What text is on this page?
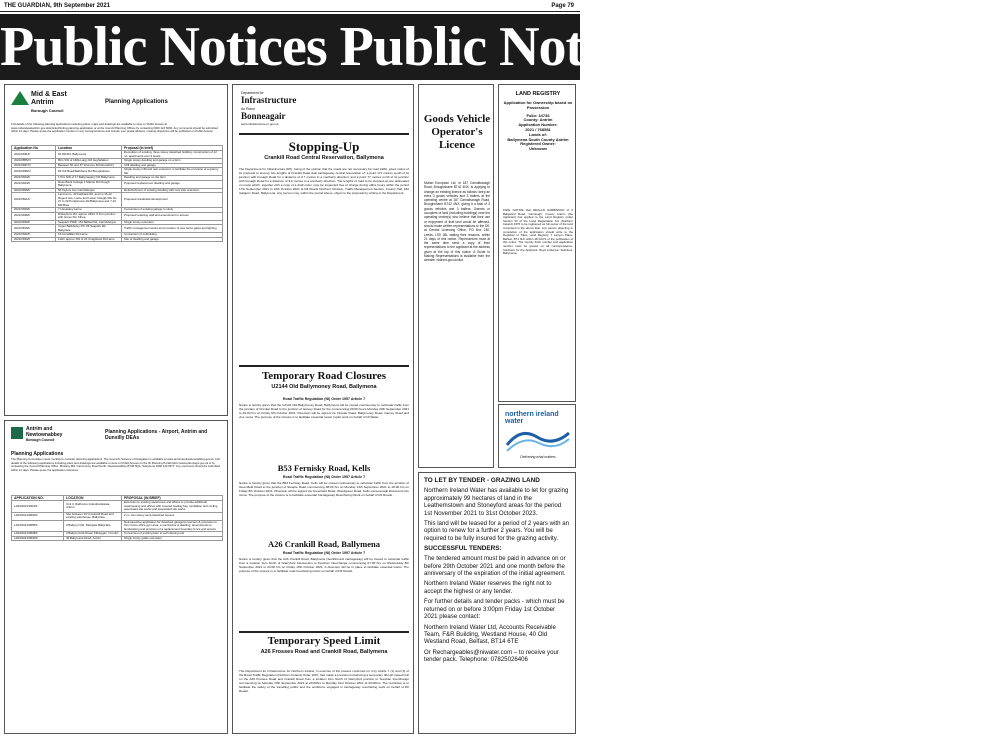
THE GUARDIAN, 9th September 2021	Page 79
Public Notices Public Notices Public Notices
Mid & East
Antrim
Borough Council
Planning Applications
Full details of the following planning applications including plans, maps and drawings are available to view on Public Access at www.midandeastantrim.gov.uk/articles/finding-planning-application or at the Council Planning Offices by contacting 0300 124 5000. Any comments should be submitted within 14 days. Please quote the application number in any correspondence and include your postal address, missing objections will be published on Public Access.
Application No	Location	Proposal (in brief)
2021/0931/F	92 Mill Rd, Ballymena	Demolition of existing, three storey detached building. Construction of 12 no. apartments over 3 levels.
2021/0855/O	80m SW of 148a Largy Rd Aughafatten	Single storey dwelling and garage on a farm
2021/0927/O	Between 50 and 57 Drumore Rd Glenwhirry	Infill dwelling and garage
2021/0939/O	84 Toll Road/Rathbane Rd Broughshane	Single storey infill and rear extension to facilitate the provision of a granny flat
2021/0923/F	170m NW of 17 Ballymagarry Rd Ballymena	Dwelling and garage on the farm
2021/0924/F	Rose Bank Cottage 1 Marine Rd Clough Ballymena	Proposed replacement dwelling and garage
2021/0925/F	56 Taylors Ave Carrickfergus	Refurbishment of existing dwelling with new side extension
2021/0821/F	Land at no. 43 Fairbank Rd, and no 16-22 Regent Ave, Larne and Lower Cloughmills No 27 to 29 Portglenone Rd Ballymena and 7-10 Mill Brae	Proposed residential development
2021/0926/F	7 Lisnaskey Larne	Conversion of existing garage to study
2021/0936/F	Dickeybum Rd, approx 249m S from junction with Grove Rd, Kilrea	Proposed retaining wall and amendment to access
2021/0930/F	Seapark PS98, 151 Belfast Rd, Carrickfergus	Single storey extension
2021/0815/F	Upper Ballyboley PS, 96 Seapark Rd, Ballyclare	Traffic management works and provision of new fence gates and lighting
2021/0922/F	16 Lisnafillan Rd Larne	Conversion of outbuilding
2021/0933/F	110m approx SW of 24 Craigsland Rd Larne	Site of dwelling and garage
Antrim and
Newtownabbey
Borough Council
Planning Applications - Airport, Antrim and Dunsilly DEAs
Planning Applications
The Planning Committee meets monthly to consider planning applications. The Council's Scheme of Delegation is available at www.antrimandnewtownabbey.gov.uk. Full details of the following applications including plans and drawings are available to view on Public Access on the NI Planning Portal https://www.planningni.gov.uk or by contacting the Council Planning Office, Mossley Mill, Carnmoney Road North, Newtownabbey BT36 5QA. Telephone 0300 123 6677. Any comments should be submitted within 14 days. Please quote the application reference.
APPLICATION NO.	LOCATION	PROPOSAL (IN BRIEF)
LA03/2021/0924/F	Unit 3, Rathmore Industrial Estate, Antrim	Extension to existing warehouse and offices to provide additional warehousing and offices with covered loading bay, ventilation and roofing associated site works and associated site works
LA03/2021/0830/F	Site between 10 Crosstmill Road and existing warehouse, Ballyclare	2 no. two storey semi-detached houses
LA03/2021/0855/F	3 Ballycorr Rd, Parkgate Ballyclare	Retrospective application for detached garage/conversion & extension to form home office gym area, a mezzanine & dwelling, amendments to landscaping and provision of a replacement boundary fence and access
LA03/2021/0838/F	4 Ballycormick Road, Kilbeggan, Crumlin	Conversion of existing barn to self catering unit
LA03/2021/0840/F	40 Ballymena Road, Antrim	Single storey gable extension
Department for
Infrastructure
An Roinn
Bonneagair
www.infrastructure-ni.gov.uk
Stopping-Up
Crankill Road Central Reservation, Ballymena
The Department for Infrastructure (DfI), being of the opinion that the roads are not necessary for road traffic, gives notice of its proposal to stop-up two lengths of Crankill Road dual carriageway central reservation of: a point 171 metres south of its junction with Fenagh Road for a distance of 9.7 metres in a southerly direction; and a point 77 metres north of its junction with Fenagh Road for a distance of 9.6 metres in a southerly direction. The lengths of road to be stopped-up are delineated on maps which, together with a copy of a draft order, may be inspected free of charge during office hours within the period 17th September 2021 to 15th October 2021 at DfI Roads Northern Division, Traffic Management Section, County Hall, 182 Galgorm Road, Ballymena. Any person may, within the period above, object to the proposal by writing to the Department.
Temporary Road Closures
U2144 Old Ballymoney Road, Ballymena
Road Traffic Regulation (NI) Order 1997 Article 7
Notice is hereby given that the U2144 Old Ballymoney Road, Ballymena will be closed continuously to vehicular traffic from the junction of Circular Road to the junction of Garvey Road for the commencing 09:00 hours Monday 20th September 2021 to 16:00 hrs on Friday 8th October 2021. Diversion will be signed via Circular Road, Ballymoney Road, Garvey Road and vice versa. The purpose of the closure is to facilitate essential sewer repair work on behalf of NI Water.
B53 Fernisky Road, Kells
Road Traffic Regulation (NI) Order 1997 Article 7
Notice is hereby given that the B53 Fernisky Road, Kells will be closed continuously to vehicular traffic from the junction of Greenfield Road to the junction of Steeple Road commencing 08:00 hrs on Monday 13th September 2021 to 18:00 hrs on Friday 8th October 2021. Diversion will be signed via Greenfield Road, Woodgreen Road, Kells Lisnevenagh Road and vice versa. The purpose of the closure is to facilitate essential Carriageway Resurfacing Work on behalf of DfI Roads.
A26 Crankill Road, Ballymena
Road Traffic Regulation (NI) Order 1997 Article 7
Notice is hereby given that the A26 Crankill Road, Ballymena (Southbound carriageway) will be closed to vehicular traffic from a location 1km North of Glarryford Intersection to Teeshan Interchange commencing 07:00 hrs on Wednesday 8th September 2021 to 20:00 hrs on Friday 15th October 2021. A diversion will be in place to facilitate essential works. The purpose of the closure is to facilitate road resurfacing works on behalf of DfI Roads.
Temporary Speed Limit
A26 Frosses Road and Crankill Road, Ballymena
The Department for Infrastructure for Northern Ireland, in exercise of the powers conferred on it by Article 7 (1) and (3) of the Road Traffic Regulation (Northern Ireland) Order 1997, has made a provision introducing a temporary 40mph speed limit on the A26 Frosses Road and Crankill Road from a location 1km North of Glarryford junction to Teeshan Interchange commencing on Monday 13th September 2021 at 20:00hrs to Monday 31st October 2021 at 20:00hrs. The restriction is to facilitate the safety of the travelling public and the workforce engaged in carriageway resurfacing work on behalf of DfI Roads.
Goods Vehicle Operator's Licence
Mullan European Ltd, of 187 Carnalbanagh Road, Broughshane BT42 4NX, is applying to change an existing licence as follows: keep an extra 0 goods vehicles and 3 trailers at the operating centre at 187 Carnalbanagh Road, Broughshane BT42 4NX, giving it a total of 3 goods vehicles and 3 trailers. Owners or occupiers of land (including buildings) near the operating centre(s) who believe that their use or enjoyment of that land would be affected, should make written representations to the DfI, at Central Licensing Office, PO Box 180, Leeds, LS9 1BL stating their reasons, within 21 days of this notice. Representors must at the same time send a copy of their representations to the applicant at the address given at the top of this notice. A Guide to Making Representations is available from the website: nidirect.gov.uk/dva
LAND REGISTRY
Application for Ownership based on Possession
Folio: 34736
County: Antrim
Application Number:
2021 / 768581
Lands of:
Ballymena South County Antrim
Registered Owner:
Unknown
TAKE NOTICE that DECLAN HARBINSON of 6 Ballyward Road, Carnlough, County Antrim (the Applicant) has applied to the Land Registry under Section 53 of the Land Registration Act (Northern Ireland) 1970 to be registered as full owner of the land comprised in the above folio. Any person objecting to completion of the application should write to the Registrar of Titles, Land Registry, 7 Lanyon Place, Belfast, BT1 3LP within 28 DAYS of the publication of this notice. The County Folio number and application number must be quoted on all correspondence. Solicitors for the Applicant: Boyd Anderson Solicitors, Ballymena.
northern ireland water
Delivering what matters
TO LET BY TENDER - GRAZING LAND

Northern Ireland Water has available to let for grazing approximately 99 hectares of land in the Leathemstown and Stoneyford areas for the period 1st November 2021 to 31st October 2023.

This land will be leased for a period of 2 years with an option to renew for a further 2 years. You will be required to be fully insured for the grazing activity.

SUCCESSFUL TENDERS:

The tendered amount must be paid in advance on or before 29th October 2021 and one month before the anniversary of the expiration of the initial agreement.

Northern Ireland Water reserves the right not to accept the highest or any tender.

For further details and tender packs - which must be returned on or before 3:00pm Friday 1st October 2021 please contact:

Northern Ireland Water Ltd, Accounts Receivable Team, F&R Building, Westland House, 40 Old Westland Road, Belfast, BT14 6TE

Or Rechargeables@niwater.com – to receive your tender pack. Telephone: 07825026406
